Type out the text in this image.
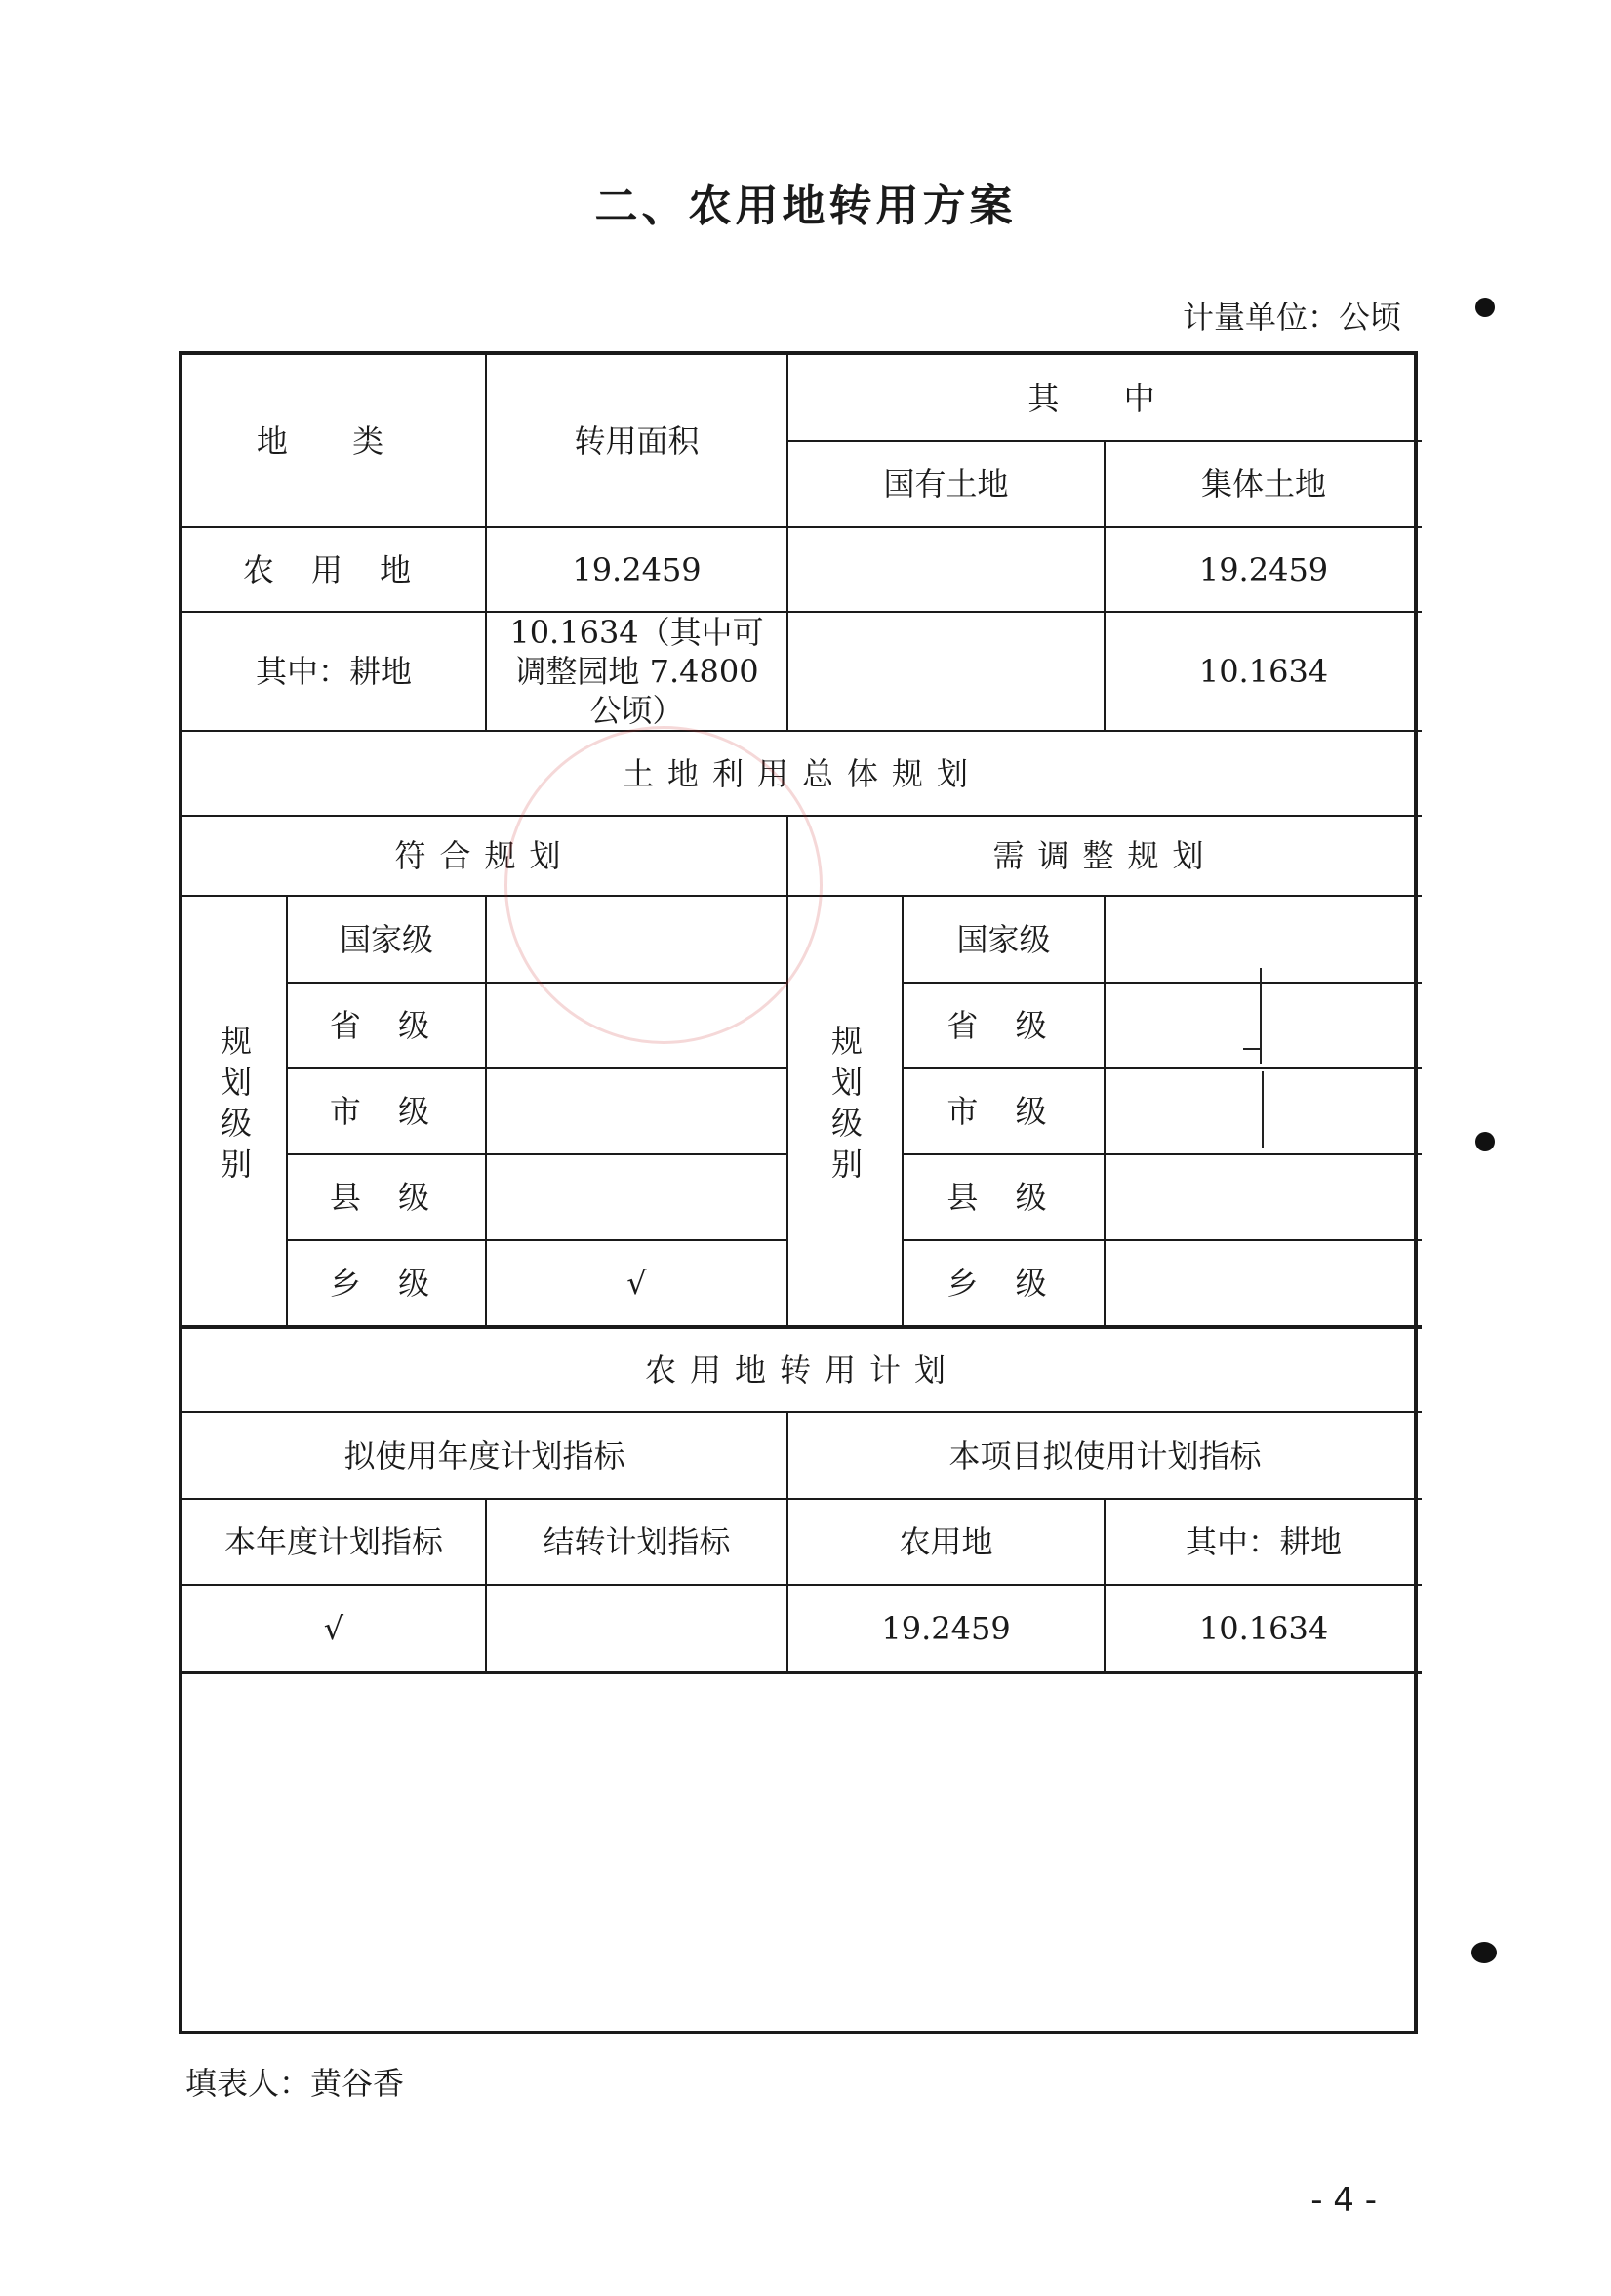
二、农用地转用方案
计量单位：公顷
地 类	转用面积	其 中
国有土地	集体土地
农 用 地	19.2459		19.2459
其中：耕地	10.1634（其中可调整园地 7.4800 公顷）		10.1634
土地利用总体规划
符合规划	需调整规划

规划级别	国家级		规划级别	国家级	
省 级		省 级	
市 级		市 级	
县 级		县 级	
乡 级	√	乡 级	

农用地转用计划

拟使用年度计划指标	本项目拟使用计划指标
本年度计划指标	结转计划指标	农用地	其中：耕地
√		19.2459	10.1634
填表人：黄谷香
- 4 -
